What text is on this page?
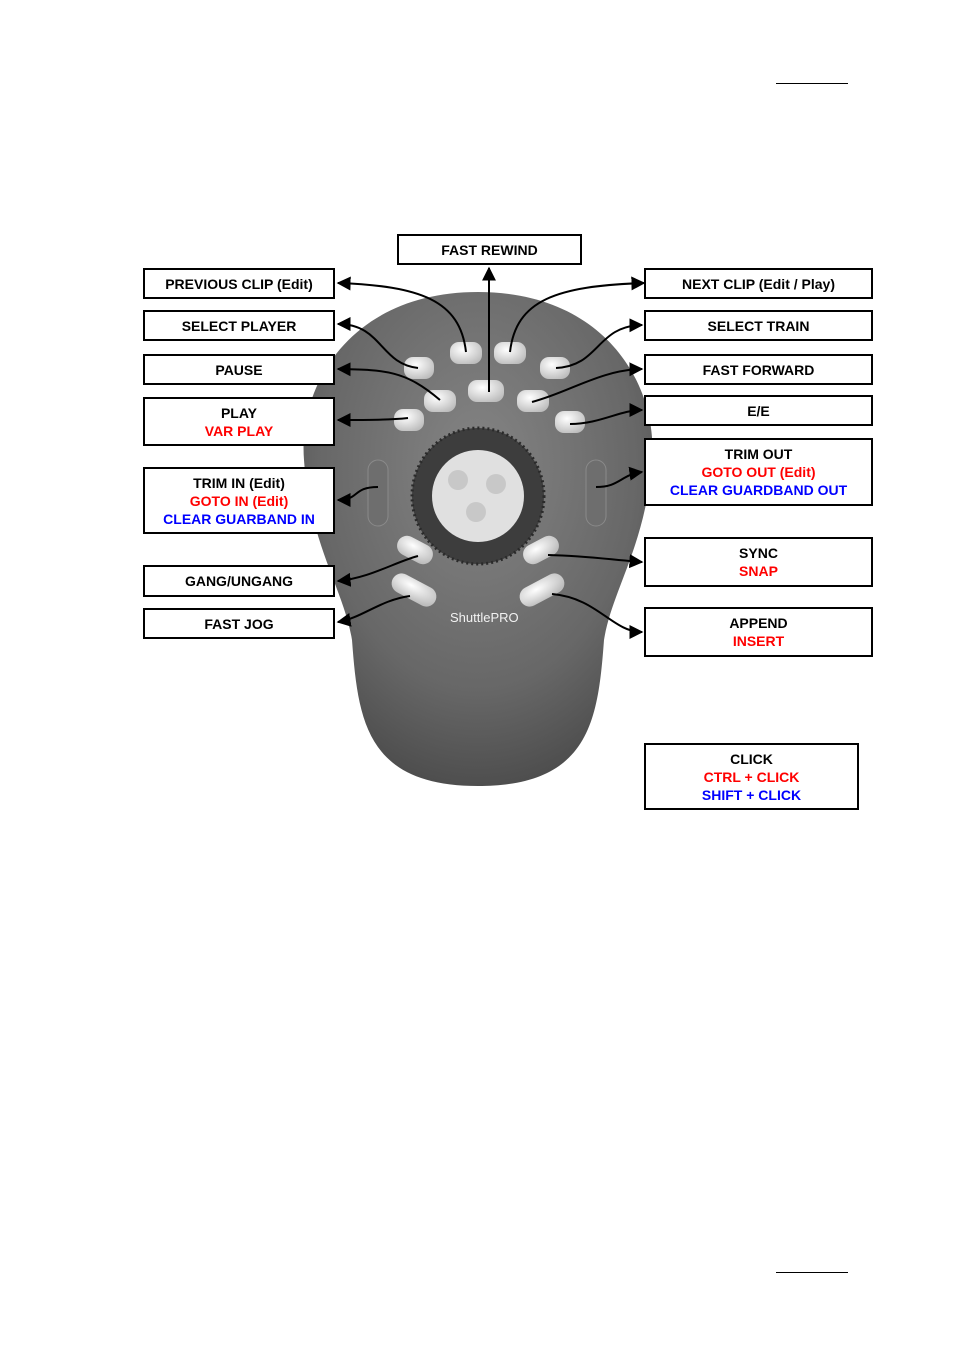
ShuttlePRO
FAST REWIND
PREVIOUS CLIP (Edit)
SELECT PLAYER
PAUSE
PLAY
VAR PLAY
TRIM IN (Edit)
GOTO IN (Edit)
CLEAR GUARBAND IN
GANG/UNGANG
FAST JOG
NEXT CLIP (Edit / Play)
SELECT TRAIN
FAST FORWARD
E/E
TRIM OUT
GOTO OUT (Edit)
CLEAR GUARDBAND OUT
SYNC
SNAP
APPEND
INSERT
CLICK
CTRL + CLICK
SHIFT + CLICK
